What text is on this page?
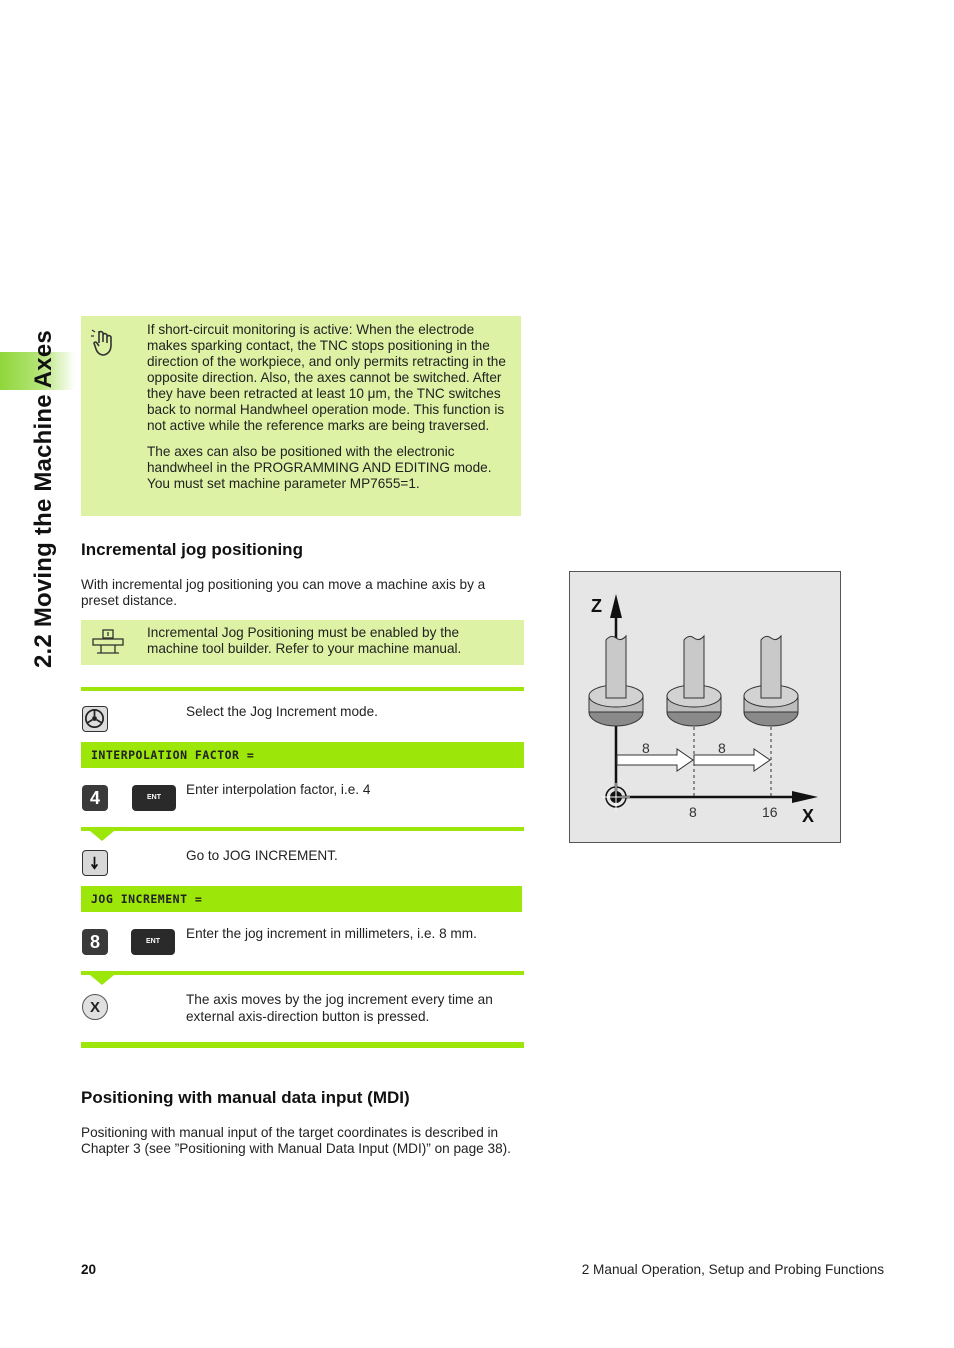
2.2 Moving the Machine Axes

If short-circuit monitoring is active: When the electrode makes sparking contact, the TNC stops positioning in the direction of the workpiece, and only permits retracting in the opposite direction. Also, the axes cannot be switched. After they have been retracted at least 10 μm, the TNC switches back to normal Handwheel operation mode. This function is not active while the reference marks are being traversed.

The axes can also be positioned with the electronic handwheel in the PROGRAMMING AND EDITING mode. You must set machine parameter MP7655=1.

Incremental jog positioning
With incremental jog positioning you can move a machine axis by a preset distance.
Incremental Jog Positioning must be enabled by the machine tool builder. Refer to your machine manual.
Select the Jog Increment mode.
INTERPOLATION FACTOR =
4	ENT
Enter interpolation factor, i.e. 4
Go to JOG INCREMENT.
JOG INCREMENT =
8	ENT
Enter the jog increment in millimeters, i.e. 8 mm.
X	The axis moves by the jog increment every time an external axis-direction button is pressed.
Z
X
8	8
8	16
Positioning with manual data input (MDI)
Positioning with manual input of the target coordinates is described in Chapter 3 (see ”Positioning with Manual Data Input (MDI)” on page 38).
20	2 Manual Operation, Setup and Probing Functions
